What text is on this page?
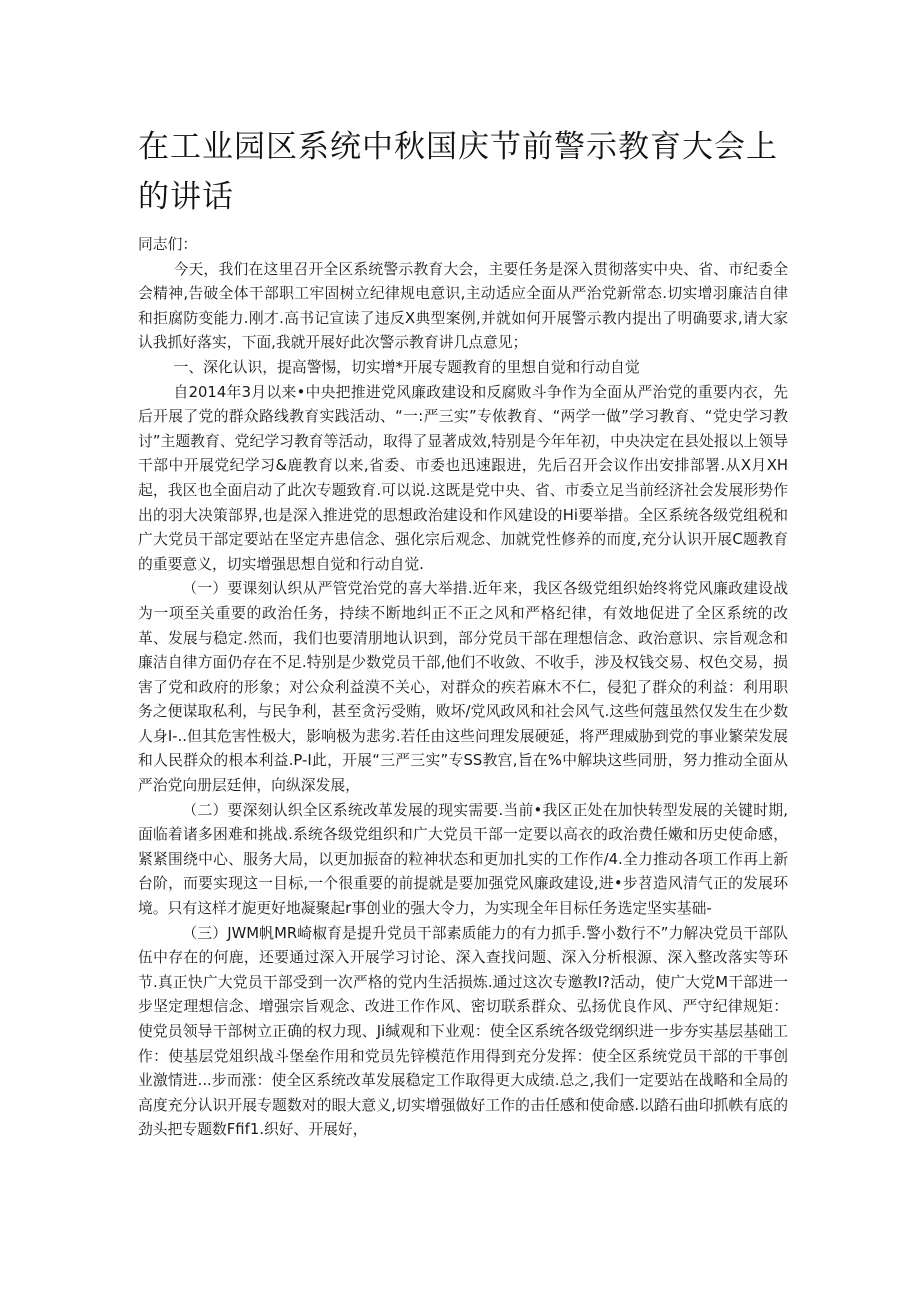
在工业园区系统中秋国庆节前警示教育大会上的讲话

同志们：

今天，我们在这里召开全区系统警示教育大会，主要任务是深入贯彻落实中央、省、市纪委全会精神,告破全体干部职工牢固树立纪律规电意识,主动适应全面从严治党新常态.切实增羽廉洁自律和拒腐防变能力.刚才.高书记宣读了违反X典型案例,并就如何开展警示教内提出了明确要求,请大家认我抓好落实，下面,我就开展好此次警示教育讲几点意见；

一、深化认识，提高警惕，切实增*开展专题教育的里想自觉和行动自觉

自2014年3月以来•中央把推进党风廉政建设和反腐败斗争作为全面从严治党的重要内衣，先后开展了党的群众路线教育实践活动、“一:严三实”专侬教育、“两学一做”学习教育、“党史学习教讨”主题教育、党纪学习教育等活动，取得了显著成效,特别是今年年初，中央决定在县处报以上领导干部中开展党纪学习&鹿教育以来,省委、市委也迅速跟进，先后召开会议作出安排部署.从X月XH起，我区也全面启动了此次专题致育.可以说.这既是党中央、省、市委立足当前经济社会发展形势作出的羽大决策部界,也是深入推进党的思想政治建设和作风建设的Hi要举措。全区系统各级党组税和广大党员干部定要站在坚定卉患信念、强化宗后观念、加就党性修养的而度,充分认识开展C题教育的重要意义，切实增强思想自觉和行动自觉.

（一）要课刻认织从严管党治党的喜大举措.近年来，我区各级党组织始终将党风廉政建设战为一项至关重要的政治任务，持续不断地纠正不正之风和严格纪律，有效地促进了全区系统的改革、发展与稳定.然而，我们也要清朋地认识到，部分党员干部在理想信念、政治意识、宗旨观念和廉洁自律方面仍存在不足.特别是少数党员干部,他们不收敛、不收手，涉及权钱交易、权色交易，损害了党和政府的形象；对公众利益漠不关心，对群众的疾若麻木不仁，侵犯了群众的利益：利用职务之便谋取私利，与民争利，甚至贪污受贿，败坏/党风政风和社会风气.这些何蔻虽然仅发生在少数人身I-..但其危害性极大，影响极为悲劣.若任由这些问理发展硬延，将严理威胁到党的事业繁荣发展和人民群众的根本利益.P-I此，开展“三严三实”专SS教宫,旨在%中解块这些同册，努力推动全面从严治党向册层廷伸，向纵深发展，

（二）要深刻认织全区系统改革发展的现实需要.当前•我区正处在加快转型发展的关键时期,面临着诸多困难和挑战.系统各级党组织和广大党员干部一定要以高衣的政治费任嫩和历史使命感，紧紧围绕中心、服务大局，以更加振奋的粒神状态和更加扎实的工作作/4.全力推动各项工作再上新台阶，而要实现这一目标,一个很重要的前提就是要加强党风廉政建设,进•步苕造风清气正的发展环境。只有这样才旎更好地凝聚起r事创业的强大令力，为实现全年目标任务选定坚实基础-

（三）JWM帆MR崎椒育是提升党员干部素质能力的有力抓手.警小数行不”力解决党员干部队伍中存在的何鹿，还要通过深入开展学习讨论、深入查找问题、深入分析根源、深入整改落实等环节.真正快广大党员干部受到一次严格的党内生活损炼.通过这次专邀教I?活动，使广大党M干部进一步坚定理想信念、增强宗旨观念、改进工作作风、密切联系群众、弘扬优良作风、严守纪律规矩：使党员领导干部树立正确的权力现、Ji缄观和下业观：使全区系统各级党纲织进一步夯实基层基础工作：使基层党俎织战斗堡垒作用和党员先锌模范作用得到充分发挥：使全区系统党员干部的干事创业激情进...步而涨：使全区系统改革发展稳定工作取得更大成绩.总之,我们一定要站在战略和全局的高度充分认识开展专题数对的眼大意义,切实增强做好工作的击任感和使命感.以踏石曲印抓帙有底的劲头把专题数Ffif1.织好、开展好，
